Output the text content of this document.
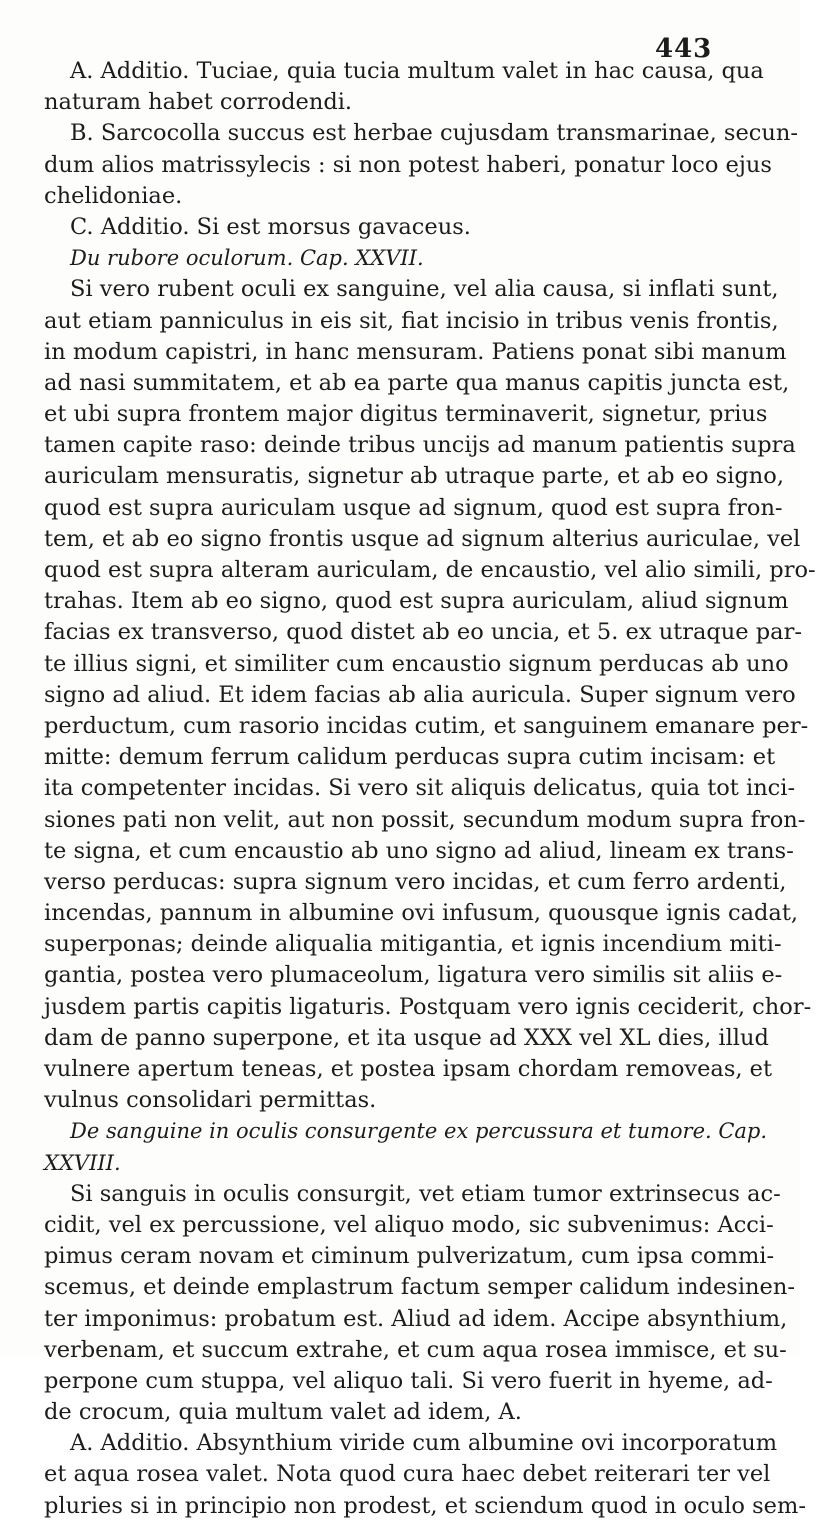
443
A. Additio. Tuciae, quia tucia multum valet in hac causa, qua
naturam habet corrodendi.
B. Sarcocolla succus est herbae cujusdam transmarinae, secun-
dum alios matrissylecis : si non potest haberi, ponatur loco ejus
chelidoniae.
C. Additio. Si est morsus gavaceus.
Du rubore oculorum. Cap. XXVII.
Si vero rubent oculi ex sanguine, vel alia causa, si inflati sunt,
aut etiam panniculus in eis sit, fiat incisio in tribus venis frontis,
in modum capistri, in hanc mensuram. Patiens ponat sibi manum
ad nasi summitatem, et ab ea parte qua manus capitis juncta est,
et ubi supra frontem major digitus terminaverit, signetur, prius
tamen capite raso: deinde tribus uncijs ad manum patientis supra
auriculam mensuratis, signetur ab utraque parte, et ab eo signo,
quod est supra auriculam usque ad signum, quod est supra fron-
tem, et ab eo signo frontis usque ad signum alterius auriculae, vel
quod est supra alteram auriculam, de encaustio, vel alio simili, pro-
trahas. Item ab eo signo, quod est supra auriculam, aliud signum
facias ex transverso, quod distet ab eo uncia, et 5. ex utraque par-
te illius signi, et similiter cum encaustio signum perducas ab uno
signo ad aliud. Et idem facias ab alia auricula. Super signum vero
perductum, cum rasorio incidas cutim, et sanguinem emanare per-
mitte: demum ferrum calidum perducas supra cutim incisam: et
ita competenter incidas. Si vero sit aliquis delicatus, quia tot inci-
siones pati non velit, aut non possit, secundum modum supra fron-
te signa, et cum encaustio ab uno signo ad aliud, lineam ex trans-
verso perducas: supra signum vero incidas, et cum ferro ardenti,
incendas, pannum in albumine ovi infusum, quousque ignis cadat,
superponas; deinde aliqualia mitigantia, et ignis incendium miti-
gantia, postea vero plumaceolum, ligatura vero similis sit aliis e-
jusdem partis capitis ligaturis. Postquam vero ignis ceciderit, chor-
dam de panno superpone, et ita usque ad XXX vel XL dies, illud
vulnere apertum teneas, et postea ipsam chordam removeas, et
vulnus consolidari permittas.
De sanguine in oculis consurgente ex percussura et tumore. Cap.
XXVIII.
Si sanguis in oculis consurgit, vet etiam tumor extrinsecus ac-
cidit, vel ex percussione, vel aliquo modo, sic subvenimus: Acci-
pimus ceram novam et ciminum pulverizatum, cum ipsa commi-
scemus, et deinde emplastrum factum semper calidum indesinen-
ter imponimus: probatum est. Aliud ad idem. Accipe absynthium,
verbenam, et succum extrahe, et cum aqua rosea immisce, et su-
perpone cum stuppa, vel aliquo tali. Si vero fuerit in hyeme, ad-
de crocum, quia multum valet ad idem, A.
A. Additio. Absynthium viride cum albumine ovi incorporatum
et aqua rosea valet. Nota quod cura haec debet reiterari ter vel
pluries si in principio non prodest, et sciendum quod in oculo sem-
